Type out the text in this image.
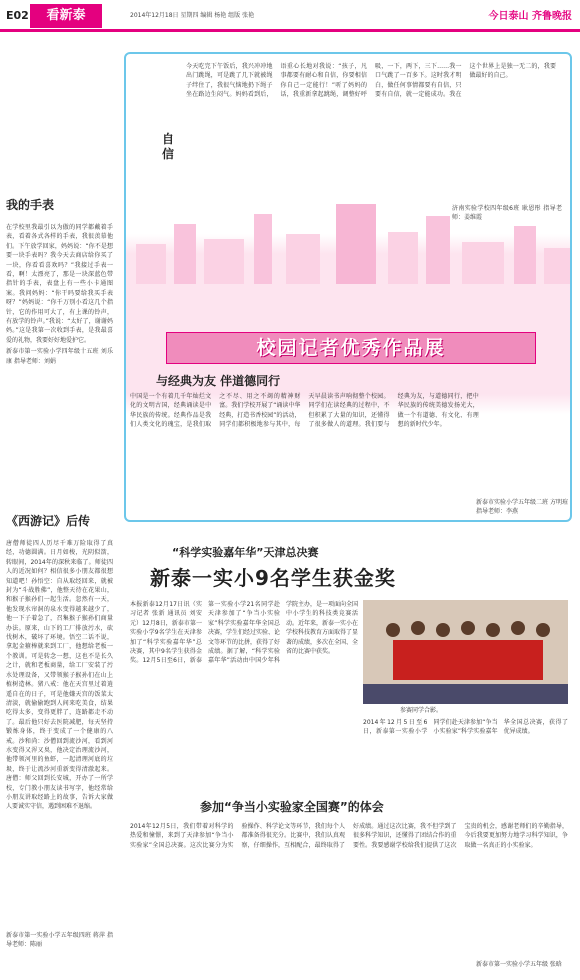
E02	看新泰	2014年12月18日 星期四 编辑 杨艳 组版 张艳	今日泰山 齐鲁晚报
我的手表
在学校里我最引以为傲的同学都戴着手表，看着各式各样的手表，我很羡慕他们。下午放学回家，妈妈说：“你不是想要一块手表吗？我今天去商店给你买了一块，你看看喜欢吗？”我接过手表一看，啊！太漂亮了，那是一块深蓝色带指针的手表，表盘上有一些小卡通图案。我问妈妈：“你干吗要给我买手表呀？”妈妈说：“你千万别小看这几个指针，它的作用可大了，有上课的铃声，有放学的铃声。”我说：“太好了，谢谢妈妈。”这是我第一次收到手表，是我最喜爱的礼物，我要好好地爱护它。
新泰市第一实验小学四年级十五班 刘乐康 指导老师：刘娟
《西游记》后传
唐僧师徒四人历尽千难万险取得了真经，功德圆满。日月如梭，光阴似箭，转眼间，2014年的深秋来临了。师徒四人的近况如何？相信很多小朋友都很想知道吧！孙悟空：自从取经回来，就被封为“斗战胜佛”，他整天待在花果山，和猴子猴孙们一起生活。忽然有一天，他发现水帘洞的泉水变得越来越少了，他一下子着急了，召集猴子猴孙们商量办法。原来，山下的工厂排放污水，砍伐树木，破坏了环境。悟空二话不说，拿起金箍棒就来到工厂，他想给老板一个教训。可是转念一想，这也不是长久之计，就和老板商量，给工厂安装了污水处理设备，又带领猴子猴孙们在山上植树造林。猪八戒：他在天宫里过着逍遥自在的日子，可是他嫌天宫的饭菜太清淡，就偷偷跑到人间来吃美食，结果吃得太多，变得更胖了，连路都走不动了。最后他只好去医院减肥，每天坚持锻炼身体，终于变成了一个健康的八戒。沙和尚：沙僧回到流沙河，看到河水变得又浑又臭，他决定治理流沙河，他带领河里的鱼虾，一起清理河底的垃圾，终于让流沙河重新变得清澈起来。唐僧：师父回到长安城，开办了一所学校，专门教小朋友读书写字，他经常给小朋友讲取经路上的故事，告诉大家做人要诚实守信，遇到困难不退缩。
新泰市第一实验小学五年级四班 蒋萍 指导老师：陈丽
自信
今天吃完下午饭后，我兴冲冲地出门跳绳，可是跳了几下就被绳子绊住了，我很气恼地扔下绳子坐在路边生闷气。妈妈看到后，语重心长地对我说：“孩子，凡事都要有耐心和自信，你要相信你自己一定能行！”听了妈妈的话，我重新拿起跳绳，调整好呼吸，一下，两下，三下……我一口气跳了一百多下。这时我才明白，做任何事情都要有自信，只要有自信，就一定能成功。我在这个世界上是独一无二的，我要做最好的自己。
济南实验学校四年级6班 耿恩彤 指导老师：姜维霞
校园记者优秀作品展
与经典为友 伴道德同行
中国是一个有着几千年灿烂文化的文明古国，经典诵读是中华民族的传统。经典作品是我们人类文化的瑰宝，是我们取之不尽、用之不竭的精神财富。我们学校开展了“诵读中华经典，打造书香校园”的活动，同学们都积极地参与其中，每天早晨读书声响彻整个校园。同学们在读经典的过程中，不但积累了大量的知识，还懂得了很多做人的道理。我们要与经典为友，与道德同行，把中华民族的传统美德发扬光大，做一个有道德、有文化、有理想的新时代少年。
新泰市实验小学五年级二班 方明瑄 指导老师：李燕
“科学实验嘉年华”天津总决赛
新泰一实小9名学生获金奖
本报新泰12月17日讯（实习记者 张新 通讯员 刘安元）12月8日，新泰市第一实验小学9名学生在天津参加了“科学实验嘉年华”总决赛，其中9名学生获得金奖。12月5日至6日，新泰第一实验小学21名同学赴天津参加了“争当小实验家”科学实验嘉年华全国总决赛，学生们经过实验、论文等环节的比拼，获得了好成绩。据了解，“科学实验嘉年华”活动由中国少年科学院主办，是一项面向全国中小学生的科技类竞赛活动。近年来，新泰一实小在学校科技教育方面取得了显著的成绩，多次在全国、全省的比赛中获奖。
参赛同学合影。
2014年12月5日至6日，新泰第一实验小学同学们赴天津参加“争当小实验家”科学实验嘉年华全国总决赛，获得了优异成绩。
参加“争当小实验家全国赛”的体会
2014年12月5日，我们带着对科学的热爱和憧憬，来到了天津参加“争当小实验家”全国总决赛。这次比赛分为实验操作、科学论文等环节，我们每个人都准备得很充分。比赛中，我们认真观察，仔细操作，互相配合，最终取得了好成绩。通过这次比赛，我不但学到了很多科学知识，还懂得了团结合作的重要性。我要感谢学校给我们提供了这次宝贵的机会，感谢老师们的辛勤指导，今后我要更加努力地学习科学知识，争取做一名真正的小实验家。
新泰市第一实验小学五年级 张晗
